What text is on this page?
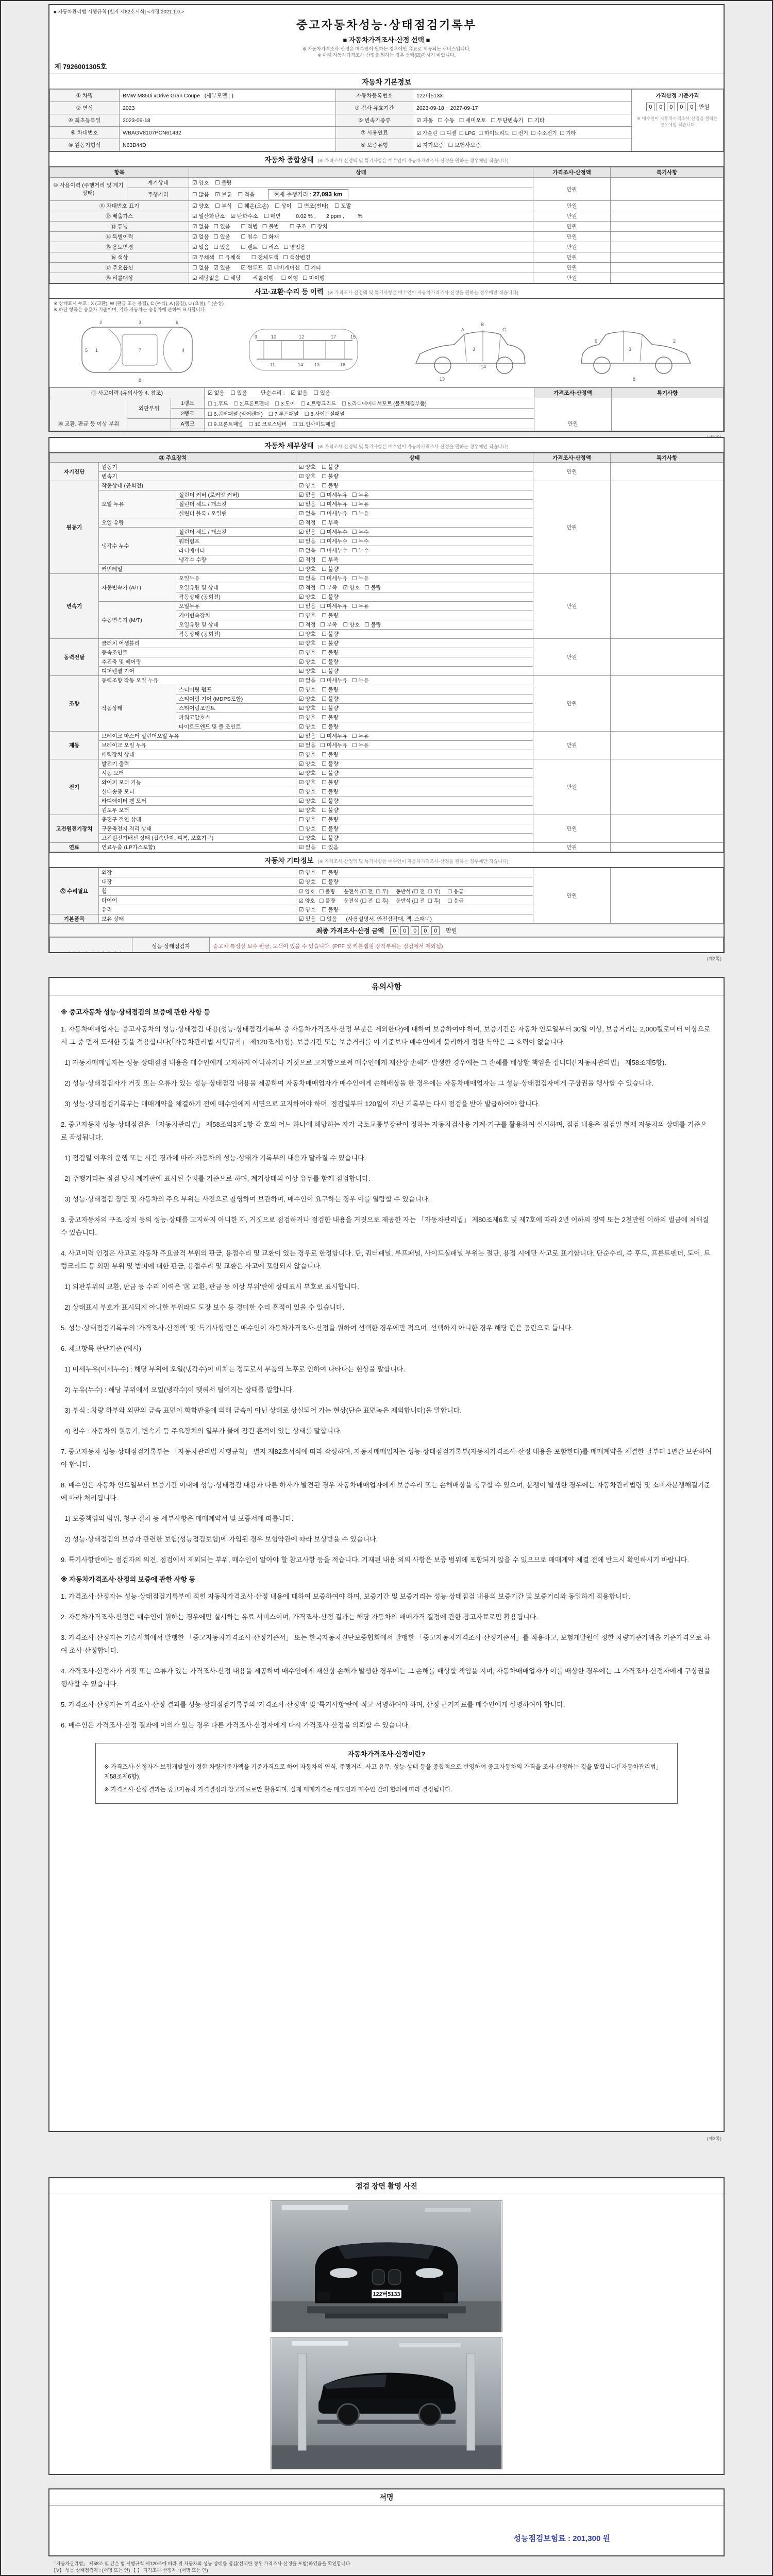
■ 자동차관리법 시행규칙 [별지 제82호서식] <개정 2021.1.9.>
중고자동차성능·상태점검기록부
■ 자동차가격조사·산정 선택 ■
※ 자동차가격조사·산정은 매수인이 원하는 경우에만 유료로 제공되는 서비스입니다.
※ 아래 자동차가격조사·산정을 원하는 경우 선택(☑)하시기 바랍니다.
제 7926001305호
자동차 기본정보
① 차명	BMW M850i xDrive Gran Coupe   (세부모델 : )	자동차등록번호	122버5133	가격산정 기준가격
0 0 0 0 0 만원
※ 매수인이 자동차가격조사·산정을 원하는 경우에만 적습니다

② 연식	2023	③ 검사 유효기간	2023-09-18 ~ 2027-09-17	
④ 최초등록일	2023-09-18	⑤ 변속기종류	☑ 자동   ☐ 수동   ☐ 세미오토   ☐ 무단변속기   ☐ 기타	
⑥ 차대번호	WBAGV8107PCN61432	⑦ 사용연료	☑ 가솔린  ☐ 디젤  ☐ LPG  ☐ 하이브리드  ☐ 전기  ☐ 수소전기  ☐ 기타	
⑧ 원동기형식	N63B44D	⑨ 보증유형	☑ 자가보증   ☐ 보험사보증	
자동차 종합상태 (※ 가격조사·산정액 및 특기사항은 매수인이 자동차가격조사·산정을 원하는 경우에만 적습니다)
항목		상태	가격조사·산정액	특기사항
⑩ 사용이력 (주행거리 및 계기상태)	계기상태	☑ 양호    ☐ 불량	만원	
	주행거리	☐ 많음    ☑ 보통    ☐ 적음 현재 주행거리 : 27,093 km		
⑪ 차대번호 표기		☑ 양호    ☐ 부식    ☐ 훼손(오손)    ☐ 상이    ☐ 변조(변타)    ☐ 도말	만원	
⑫ 배출가스		☑ 일산화탄소    ☑ 탄화수소    ☐ 매연          0.02 % ,       2 ppm ,         %	만원	
⑬ 튜닝		☑ 없음   ☐ 있음       ☐ 적법   ☐ 불법       ☐ 구조   ☐ 장치	만원	
⑭ 특별이력		☑ 없음   ☐ 있음       ☐ 침수   ☐ 화재	만원	
⑮ 용도변경		☑ 없음   ☐ 있음       ☐ 렌트   ☐ 리스   ☐ 영업용	만원	
⑯ 색상		☑ 무채색   ☐ 유채색       ☐ 전체도색   ☐ 색상변경	만원	
⑰ 주요옵션		☐ 없음   ☑ 있음       ☑ 썬루프   ☑ 네비게이션   ☐ 기타	만원	
⑱ 리콜대상		☑ 해당없음   ☐ 해당        리콜이행 :   ☐ 이행   ☐ 미이행	만원	
사고·교환·수리 등 이력 (※ 가격조사·산정액 및 특기사항은 매수인이 자동차가격조사·산정을 원하는 경우에만 적습니다)
※ 상태표시 부호 : X (교환), W (판금 또는 용접), C (부식), A (흠집), U (요철), T (손상)
※ 하단 항목은 승용차 기준이며, 기타 자동차는 승용차에 준하여 표시합니다.
1
2	3
4
5
6
7
8
9	10
11
12
13
14
15
16
17
A
B
C
3
13
14
2
6
8
3
⑲ 사고이력 (유의사항 4. 참조)			☑ 없음    ☐ 있음         단순수리 :    ☑ 없음    ☐ 있음	가격조사·산정액	특기사항
⑳ 교환, 판금 등 이상 부위	외판부위	1랭크	☐ 1.후드    ☐ 2.프론트펜더    ☐ 3.도어    ☐ 4.트렁크리드    ☐ 5.라디에이터서포트 (볼트체결부품)	만원	
		2랭크	☐ 6.쿼터패널 (리어펜더)    ☐ 7.루프패널    ☐ 8.사이드실패널		
	A랭크	☐ 9.프론트패널    ☐ 10.크로스멤버    ☐ 11.인사이드패널		

자동차 세부상태 (※ 가격조사·산정액 및 특기사항은 매수인이 자동차가격조사·산정을 원하는 경우에만 적습니다)
㉑ 주요장치			상태	가격조사·산정액	특기사항
자기진단	원동기		☑ 양호    ☐ 불량	만원	
	변속기		☑ 양호    ☐ 불량		
원동기	작동상태 (공회전)		☑ 양호    ☐ 불량	만원	
	오일 누유	실린더 커버 (로커암 커버)	☑ 없음   ☐ 미세누유   ☐ 누유		
		실린더 헤드 / 개스킷	☑ 없음   ☐ 미세누유   ☐ 누유		
		실린더 블록 / 오일팬	☑ 없음   ☐ 미세누유   ☐ 누유		
	오일 유량		☑ 적정    ☐ 부족		
	냉각수 누수	실린더 헤드 / 개스킷	☑ 없음   ☐ 미세누수   ☐ 누수		
		워터펌프	☑ 없음   ☐ 미세누수   ☐ 누수		
		라디에이터	☑ 없음   ☐ 미세누수   ☐ 누수		
		냉각수 수량	☑ 적정    ☐ 부족		
	커먼레일		☐ 양호    ☐ 불량		
변속기	자동변속기 (A/T)	오일누유	☑ 없음   ☐ 미세누유   ☐ 누유	만원	
		오일유량 및 상태	☑ 적정   ☐ 부족    ☑ 양호   ☐ 불량		
		작동상태 (공회전)	☑ 양호    ☐ 불량		
	수동변속기 (M/T)	오일누유	☐ 없음   ☐ 미세누유   ☐ 누유		
		기어변속장치	☐ 양호    ☐ 불량		
		오일유량 및 상태	☐ 적정   ☐ 부족    ☐ 양호   ☐ 불량		
		작동상태 (공회전)	☐ 양호    ☐ 불량		
동력전달	클러치 어셈블리		☑ 양호    ☐ 불량	만원	
	등속조인트		☑ 양호    ☐ 불량		
	추진축 및 베어링		☑ 양호    ☐ 불량		
	디퍼렌셜 기어		☑ 양호    ☐ 불량		
조향	동력조향 작동 오일 누유		☑ 없음   ☐ 미세누유   ☐ 누유	만원	
	작동상태	스티어링 펌프	☑ 양호    ☐ 불량		
		스티어링 기어 (MDPS포함)	☑ 양호    ☐ 불량		
		스티어링조인트	☑ 양호    ☐ 불량		
		파워고압호스	☑ 양호    ☐ 불량		
		타이로드엔드 및 볼 조인트	☑ 양호    ☐ 불량		
제동	브레이크 마스터 실린더오일 누유		☑ 없음   ☐ 미세누유   ☐ 누유	만원	
	브레이크 오일 누유		☑ 없음   ☐ 미세누유   ☐ 누유		
	배력장치 상태		☑ 양호    ☐ 불량		
전기	발전기 출력		☑ 양호    ☐ 불량	만원	
	시동 모터		☑ 양호    ☐ 불량		
	와이퍼 모터 기능		☑ 양호    ☐ 불량		
	실내송풍 모터		☑ 양호    ☐ 불량		
	라디에이터 팬 모터		☑ 양호    ☐ 불량		
	윈도우 모터		☑ 양호    ☐ 불량		
고전원전기장치	충전구 절연 상태		☐ 양호    ☐ 불량	만원	
	구동축전지 격리 상태		☐ 양호    ☐ 불량		
	고전원전기배선 상태 (접속단자, 피복, 보호기구)		☐ 양호    ☐ 불량		
연료	연료누출 (LP가스포함)		☑ 없음    ☐ 있음	만원	
자동차 기타정보 (※ 가격조사·산정액 및 특기사항은 매수인이 자동차가격조사·산정을 원하는 경우에만 적습니다)
㉒ 수리필요	외장	☑ 양호    ☐ 불량	만원	
	내장	☑ 양호    ☐ 불량		
	휠	☑ 양호   ☐ 불량      운전석 (☐ 전  ☐ 후)     동반석 (☐ 전  ☐ 후)     ☐ 응급		
	타이어	☑ 양호   ☐ 불량      운전석 (☐ 전  ☐ 후)     동반석 (☐ 전  ☐ 후)     ☐ 응급		
	유리	☑ 양호    ☐ 불량		
기본품목	보유 상태	☑ 있음   ☐ 없음      (사용설명서, 안전삼각대, 잭, 스패너)		
최종 가격조사·산정 금액	0 0 0 0 0	만원
	성능·상태점검자	중고차 특성상 보수 판금, 도색이 있을 수 있습니다. (PPF 및 카본랩핑 장착부위는 점검에서 제외됨)

(제2쪽)
유의사항
※ 중고자동차 성능·상태점검의 보증에 관한 사항 등

1. 자동차매매업자는 중고자동차의 성능·상태점검 내용(성능·상태점검기록부 중 자동차가격조사·산정 부분은 제외한다)에 대하여 보증하여야 하며, 보증기간은 자동차 인도일부터 30일 이상, 보증거리는 2,000킬로미터 이상으로서 그 중 먼저 도래한 것을 적용합니다(「자동차관리법 시행규칙」 제120조제1항). 보증기간 또는 보증거리를 이 기준보다 매수인에게 불리하게 정한 특약은 그 효력이 없습니다.

1) 자동차매매업자는 성능·상태점검 내용을 매수인에게 고지하지 아니하거나 거짓으로 고지함으로써 매수인에게 재산상 손해가 발생한 경우에는 그 손해를 배상할 책임을 집니다(「자동차관리법」 제58조제5항).

2) 성능·상태점검자가 거짓 또는 오류가 있는 성능·상태점검 내용을 제공하여 자동차매매업자가 매수인에게 손해배상을 한 경우에는 자동차매매업자는 그 성능·상태점검자에게 구상권을 행사할 수 있습니다.

3) 성능·상태점검기록부는 매매계약을 체결하기 전에 매수인에게 서면으로 고지하여야 하며, 점검일부터 120일이 지난 기록부는 다시 점검을 받아 발급하여야 합니다.

2. 중고자동차 성능·상태점검은 「자동차관리법」 제58조의3제1항 각 호의 어느 하나에 해당하는 자가 국토교통부장관이 정하는 자동차검사용 기계·기구를 활용하여 실시하며, 점검 내용은 점검일 현재 자동차의 상태를 기준으로 작성됩니다.

1) 점검일 이후의 운행 또는 시간 경과에 따라 자동차의 성능·상태가 기록부의 내용과 달라질 수 있습니다.

2) 주행거리는 점검 당시 계기판에 표시된 수치를 기준으로 하며, 계기상태의 이상 유무를 함께 점검합니다.

3) 성능·상태점검 장면 및 자동차의 주요 부위는 사진으로 촬영하여 보관하며, 매수인이 요구하는 경우 이를 열람할 수 있습니다.

3. 중고자동차의 구조·장치 등의 성능·상태를 고지하지 아니한 자, 거짓으로 점검하거나 점검한 내용을 거짓으로 제공한 자는 「자동차관리법」 제80조제6호 및 제7호에 따라 2년 이하의 징역 또는 2천만원 이하의 벌금에 처해질 수 있습니다.

4. 사고이력 인정은 사고로 자동차 주요골격 부위의 판금, 용접수리 및 교환이 있는 경우로 한정합니다. 단, 쿼터패널, 루프패널, 사이드실패널 부위는 절단, 용접 시에만 사고로 표기합니다. 단순수리, 즉 후드, 프론트펜더, 도어, 트렁크리드 등 외판 부위 및 범퍼에 대한 판금, 용접수리 및 교환은 사고에 포함되지 않습니다.

1) 외판부위의 교환, 판금 등 수리 이력은 '⑳ 교환, 판금 등 이상 부위'란에 상태표시 부호로 표시합니다.

2) 상태표시 부호가 표시되지 아니한 부위라도 도장 보수 등 경미한 수리 흔적이 있을 수 있습니다.

5. 성능·상태점검기록부의 '가격조사·산정액' 및 '특기사항'란은 매수인이 자동차가격조사·산정을 원하여 선택한 경우에만 적으며, 선택하지 아니한 경우 해당 란은 공란으로 둡니다.

6. 체크항목 판단기준 (예시)

1) 미세누유(미세누수) : 해당 부위에 오일(냉각수)이 비치는 정도로서 부품의 노후로 인하여 나타나는 현상을 말합니다.

2) 누유(누수) : 해당 부위에서 오일(냉각수)이 맺혀서 떨어지는 상태를 말합니다.

3) 부식 : 차량 하부와 외판의 금속 표면이 화학반응에 의해 금속이 아닌 상태로 상실되어 가는 현상(단순 표면녹은 제외합니다)을 말합니다.

4) 침수 : 자동차의 원동기, 변속기 등 주요장치의 일부가 물에 잠긴 흔적이 있는 상태를 말합니다.

7. 중고자동차 성능·상태점검기록부는 「자동차관리법 시행규칙」 별지 제82호서식에 따라 작성하며, 자동차매매업자는 성능·상태점검기록부(자동차가격조사·산정 내용을 포함한다)를 매매계약을 체결한 날부터 1년간 보관하여야 합니다.

8. 매수인은 자동차 인도일부터 보증기간 이내에 성능·상태점검 내용과 다른 하자가 발견된 경우 자동차매매업자에게 보증수리 또는 손해배상을 청구할 수 있으며, 분쟁이 발생한 경우에는 자동차관리법령 및 소비자분쟁해결기준에 따라 처리됩니다.

1) 보증책임의 범위, 청구 절차 등 세부사항은 매매계약서 및 보증서에 따릅니다.

2) 성능·상태점검의 보증과 관련한 보험(성능점검보험)에 가입된 경우 보험약관에 따라 보상받을 수 있습니다.

9. 특기사항란에는 점검자의 의견, 점검에서 제외되는 부위, 매수인이 알아야 할 참고사항 등을 적습니다. 기재된 내용 외의 사항은 보증 범위에 포함되지 않을 수 있으므로 매매계약 체결 전에 반드시 확인하시기 바랍니다.

※ 자동차가격조사·산정의 보증에 관한 사항 등

1. 가격조사·산정자는 성능·상태점검기록부에 적힌 자동차가격조사·산정 내용에 대하여 보증하여야 하며, 보증기간 및 보증거리는 성능·상태점검 내용의 보증기간 및 보증거리와 동일하게 적용합니다.

2. 자동차가격조사·산정은 매수인이 원하는 경우에만 실시하는 유료 서비스이며, 가격조사·산정 결과는 해당 자동차의 매매가격 결정에 관한 참고자료로만 활용됩니다.

3. 가격조사·산정자는 기술사회에서 발행한 「중고자동차가격조사·산정기준서」 또는 한국자동차진단보증협회에서 발행한 「중고자동차가격조사·산정기준서」를 적용하고, 보험개발원이 정한 차량기준가액을 기준가격으로 하여 조사·산정합니다.

4. 가격조사·산정자가 거짓 또는 오류가 있는 가격조사·산정 내용을 제공하여 매수인에게 재산상 손해가 발생한 경우에는 그 손해를 배상할 책임을 지며, 자동차매매업자가 이를 배상한 경우에는 그 가격조사·산정자에게 구상권을 행사할 수 있습니다.

5. 가격조사·산정자는 가격조사·산정 결과를 성능·상태점검기록부의 '가격조사·산정액' 및 '특기사항'란에 적고 서명하여야 하며, 산정 근거자료를 매수인에게 설명하여야 합니다.

6. 매수인은 가격조사·산정 결과에 이의가 있는 경우 다른 가격조사·산정자에게 다시 가격조사·산정을 의뢰할 수 있습니다.

자동차가격조사·산정이란?

※ 가격조사·산정자가 보험개발원이 정한 차량기준가액을 기준가격으로 하여 자동차의 연식, 주행거리, 사고 유무, 성능·상태 등을 종합적으로 반영하여 중고자동차의 가격을 조사·산정하는 것을 말합니다(「자동차관리법」 제58조제6항).

※ 가격조사·산정 결과는 중고자동차 가격결정의 참고자료로만 활용되며, 실제 매매가격은 매도인과 매수인 간의 합의에 따라 결정됩니다.

(제3쪽)
점검 장면 촬영 사진
122버5133
서명
성능점검보험료 : 201,300 원
「자동차관리법」 제58조 및 같은 법 시행규칙 제120조에 따라 위 자동차의 성능·상태를 점검(선택한 경우 가격조사·산정을 포함)하였음을 확인합니다.
【V】 성능·상태점검자 : (서명 또는 인) 【 】 가격조사·산정자 : (서명 또는 인)
